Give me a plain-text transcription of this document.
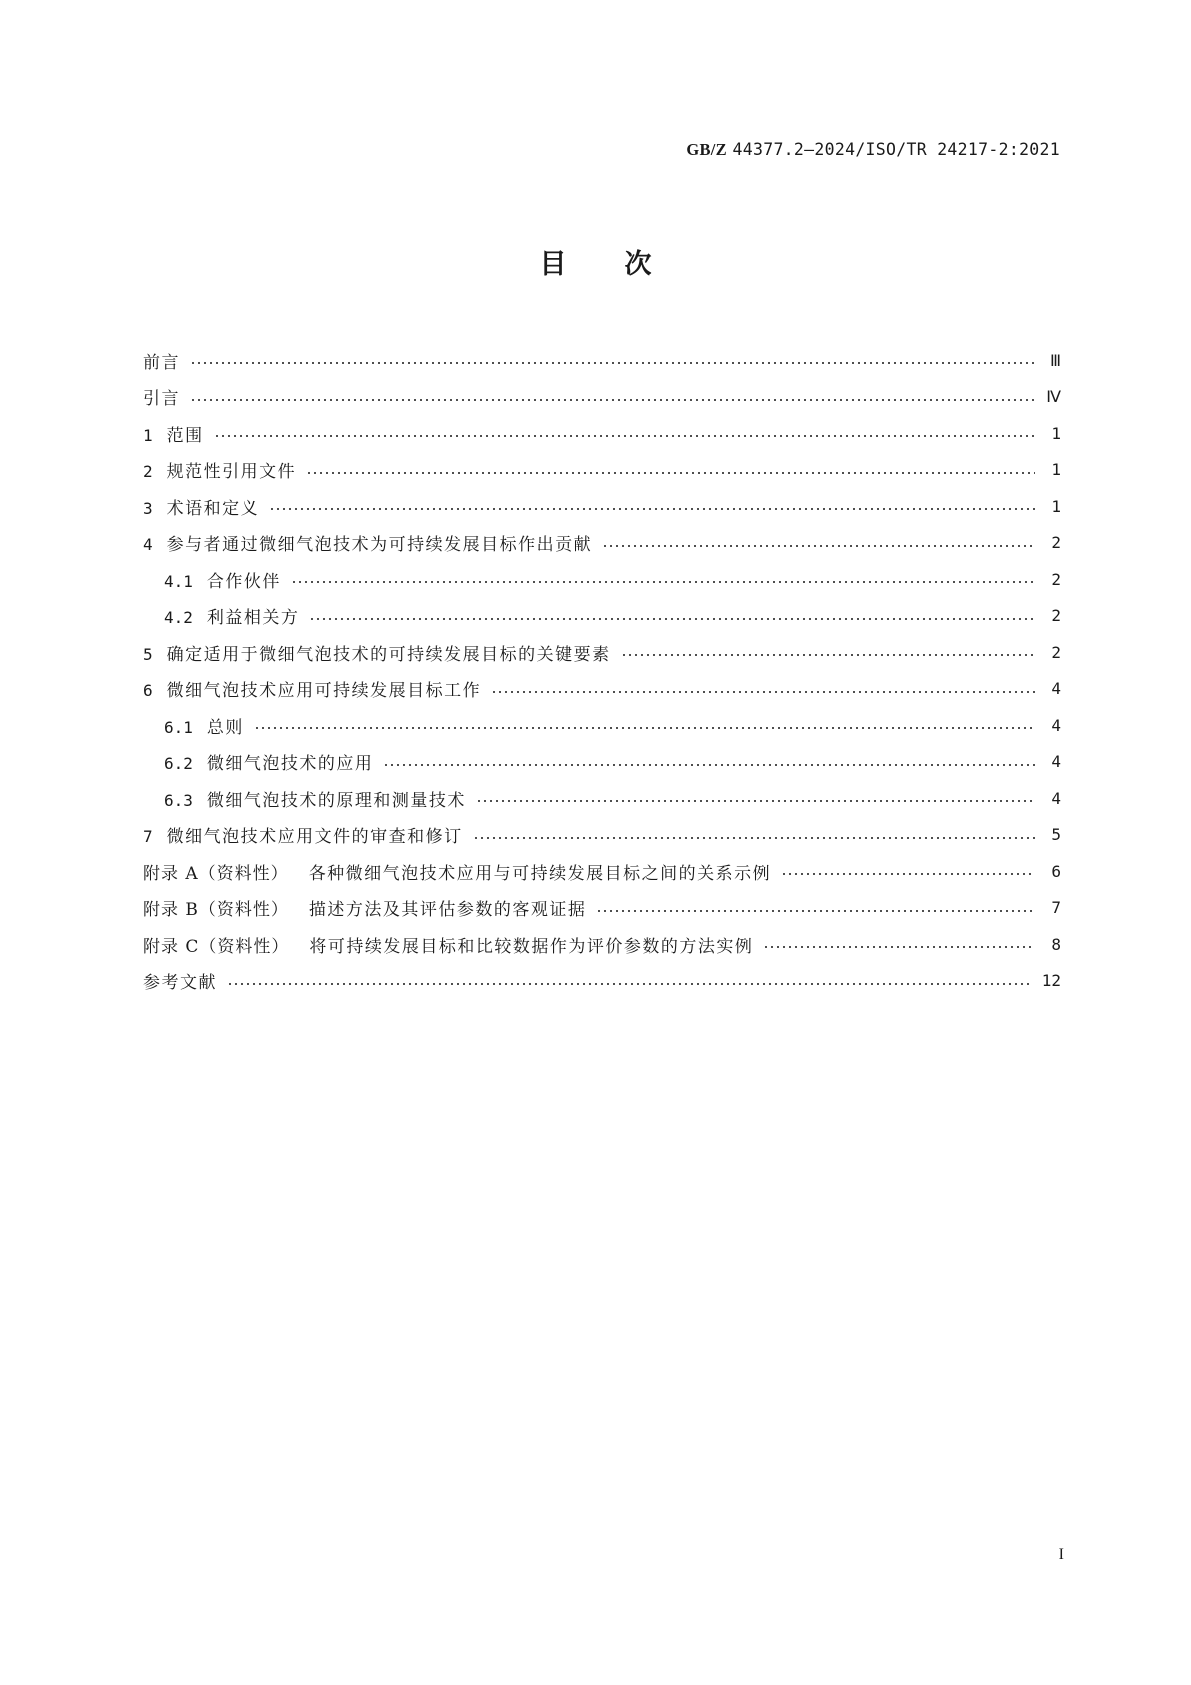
GB/Z 44377.2—2024/ISO/TR 24217-2:2021
目次
前言	Ⅲ
引言	Ⅳ
1 范围	1
2 规范性引用文件	1
3 术语和定义	1
4 参与者通过微细气泡技术为可持续发展目标作出贡献	2
4.1 合作伙伴	2
4.2 利益相关方	2
5 确定适用于微细气泡技术的可持续发展目标的关键要素	2
6 微细气泡技术应用可持续发展目标工作	4
6.1 总则	4
6.2 微细气泡技术的应用	4
6.3 微细气泡技术的原理和测量技术	4
7 微细气泡技术应用文件的审查和修订	5
附录 A（资料性） 各种微细气泡技术应用与可持续发展目标之间的关系示例	6
附录 B（资料性） 描述方法及其评估参数的客观证据	7
附录 C（资料性） 将可持续发展目标和比较数据作为评价参数的方法实例	8
参考文献	12
I
